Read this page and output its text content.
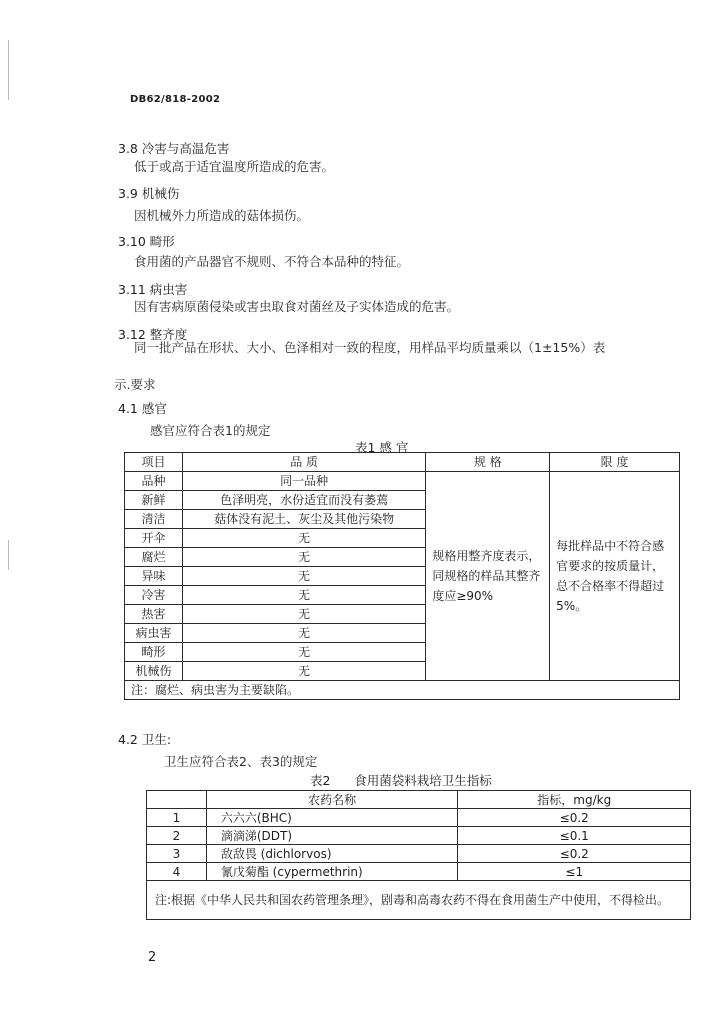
DB62/818-2002
3.8 冷害与高温危害
低于或高于适宜温度所造成的危害。
3.9 机械伤
因机械外力所造成的菇体损伤。
3.10 畸形
食用菌的产品器官不规则、不符合本品种的特征。
3.11 病虫害
因有害病原菌侵染或害虫取食对菌丝及子实体造成的危害。
3.12 整齐度
同一批产品在形状、大小、色泽相对一致的程度，用样品平均质量乘以（1±15%）表
示.要求
4.1 感官
感官应符合表1的规定
表1 感 官
项目	品 质	规 格	限 度
品种	同一品种	规格用整齐度表示，同规格的样品其整齐度应≥90%	每批样品中不符合感官要求的按质量计，总不合格率不得超过5%。
新鲜	色泽明亮，水份适宜而没有萎蔫		
清洁	菇体没有泥土、灰尘及其他污染物		
开伞	无		
腐烂	无		
异味	无		
冷害	无		
热害	无		
病虫害	无		
畸形	无		
机械伤	无		
注：腐烂、病虫害为主要缺陷。			
4.2 卫生:
卫生应符合表2、表3的规定
表2      食用菌袋料栽培卫生指标
	农药名称	指标，mg/kg
1	六六六(BHC)	≤0.2
2	滴滴涕(DDT)	≤0.1
3	敌敌畏 (dichlorvos)	≤0.2
4	氰戊菊酯 (cypermethrin)	≤1
注:根据《中华人民共和国农药管理条理》，剧毒和高毒农药不得在食用菌生产中使用，不得检出。		
2
